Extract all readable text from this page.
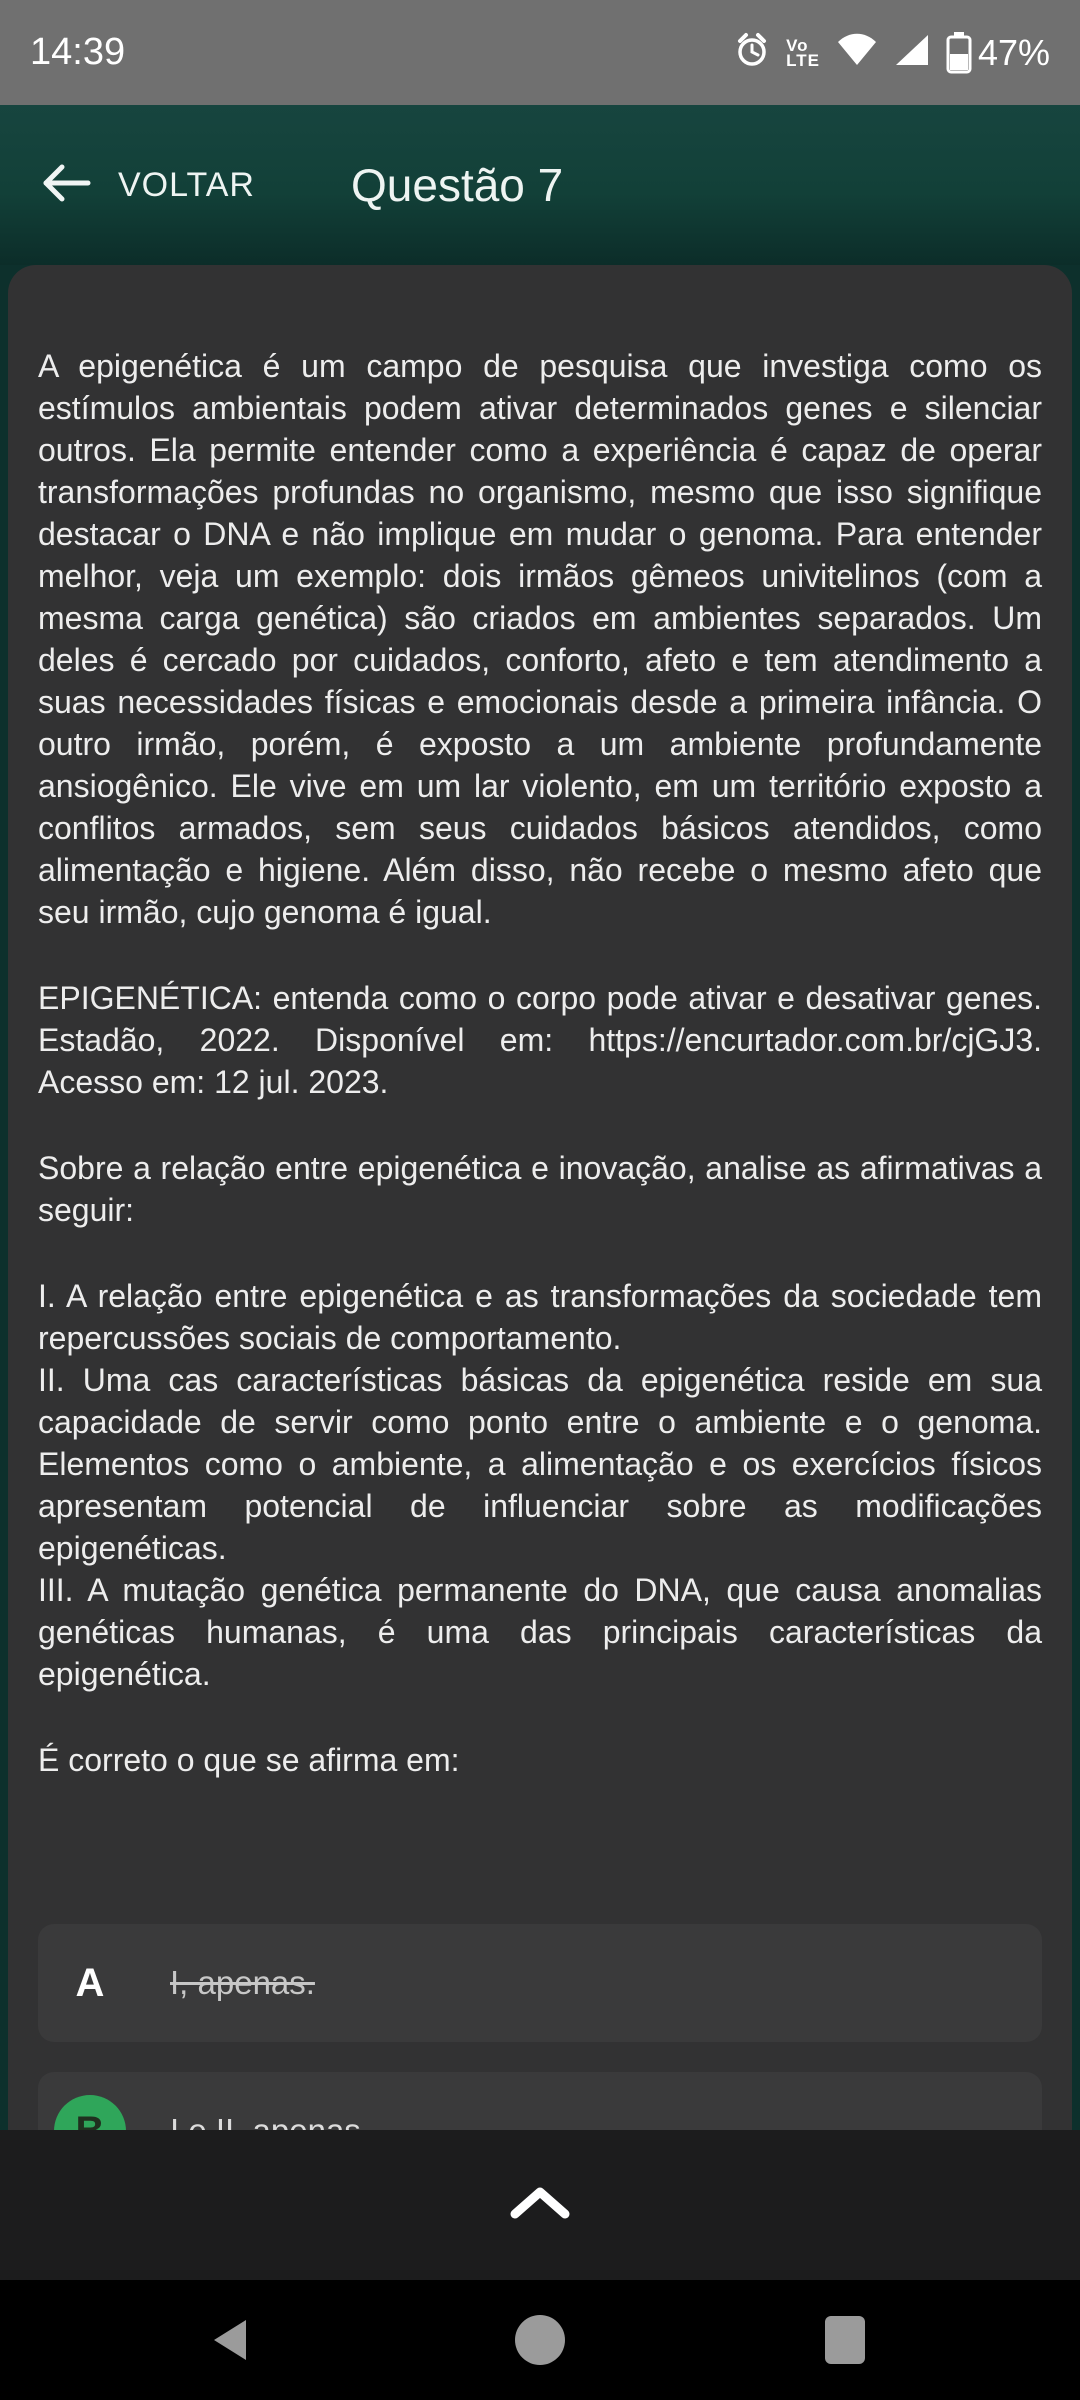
14:39	Vo
LTE	47%
VOLTAR Questão 7

A epigenética é um campo de pesquisa que investiga como os estímulos ambientais podem ativar determinados genes e silenciar outros. Ela permite entender como a experiência é capaz de operar transformações profundas no organismo, mesmo que isso signifique destacar o DNA e não implique em mudar o genoma. Para entender melhor, veja um exemplo: dois irmãos gêmeos univitelinos (com a mesma carga genética) são criados em ambientes separados. Um deles é cercado por cuidados, conforto, afeto e tem atendimento a suas necessidades físicas e emocionais desde a primeira infância. O outro irmão, porém, é exposto a um ambiente profundamente ansiogênico. Ele vive em um lar violento, em um território exposto a conflitos armados, sem seus cuidados básicos atendidos, como alimentação e higiene. Além disso, não recebe o mesmo afeto que seu irmão, cujo genoma é igual.

EPIGENÉTICA: entenda como o corpo pode ativar e desativar genes. Estadão, 2022. Disponível em: https://encurtador.com.br/cjGJ3. Acesso em: 12 jul. 2023.

Sobre a relação entre epigenética e inovação, analise as afirmativas a seguir:

I. A relação entre epigenética e as transformações da sociedade tem repercussões sociais de comportamento.
II. Uma cas características básicas da epigenética reside em sua capacidade de servir como ponto entre o ambiente e o genoma. Elementos como o ambiente, a alimentação e os exercícios físicos apresentam potencial de influenciar sobre as modificações epigenéticas.
III. A mutação genética permanente do DNA, que causa anomalias genéticas humanas, é uma das principais características da epigenética.

É correto o que se afirma em:

A I, apenas.
